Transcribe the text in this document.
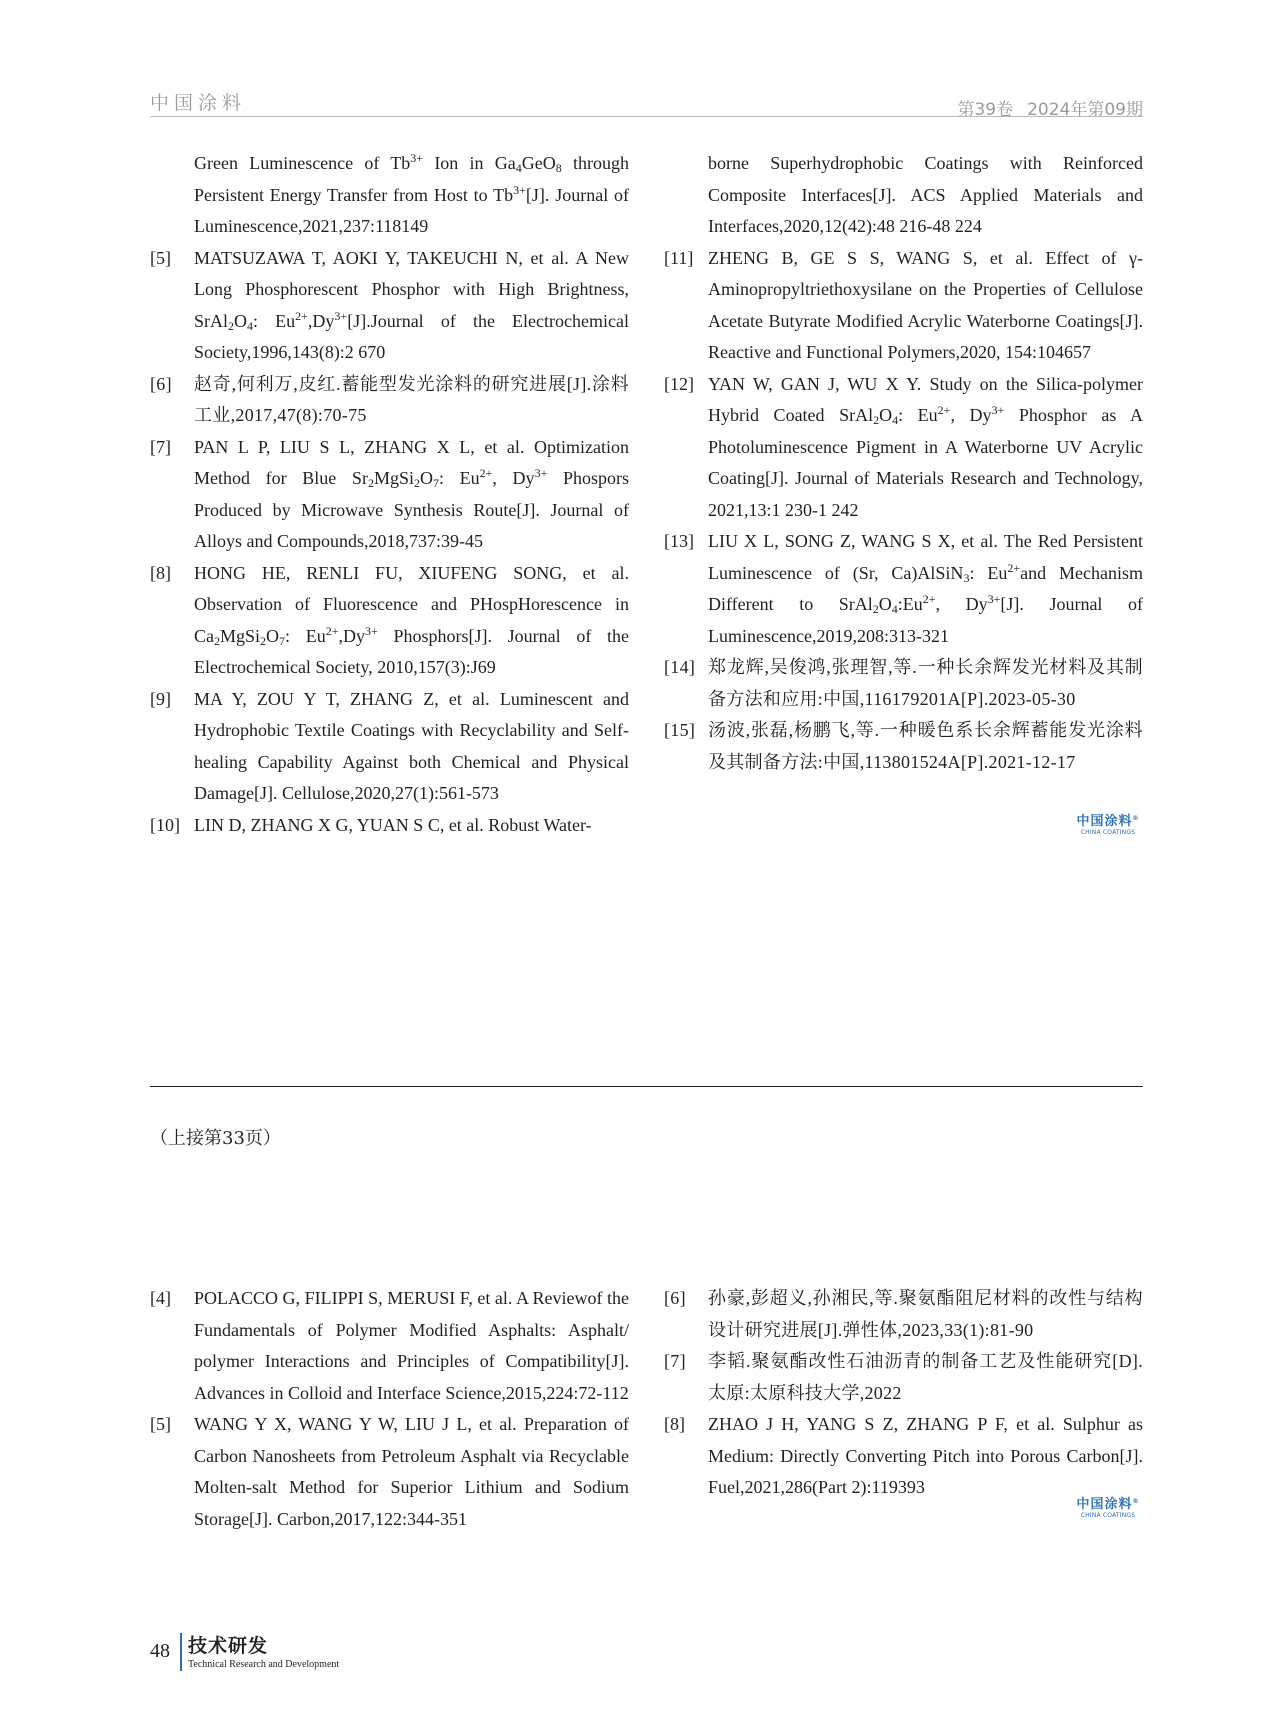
中国涂料	第39卷 2024年第09期
Green Luminescence of $Tb^{3+}$ Ion in $Ga_4GeO_8$ through Persistent Energy Transfer from Host to $Tb^{3+}[J]$. Journal of Luminescence,2021,237:118149
[5] MATSUZAWA T, AOKI Y, TAKEUCHI N, et al. A New Long Phosphorescent Phosphor with High Brightness, $SrAl_2O_4$: $Eu^{2+},Dy^{3+}[J].Journal$ of the Electrochemical Society,1996,143(8):2 670
[6] 赵奇,何利万,皮红.蓄能型发光涂料的研究进展[J].涂料工业,2017,47(8):70-75
[7] PAN L P, LIU S L, ZHANG X L, et al. Optimization Method for Blue $Sr_2MgSi_2O_7$: $Eu^{2+}$, $Dy^{3+}$ Phospors Produced by Microwave Synthesis Route[J]. Journal of Alloys and Compounds,2018,737:39-45
[8] HONG HE, RENLI FU, XIUFENG SONG, et al. Observation of Fluorescence and PHospHorescence in $Ca_2MgSi_2O_7$: $Eu^{2+},Dy^{3+}$ Phosphors[J]. Journal of the Electrochemical Society, 2010,157(3):J69
[9] MA Y, ZOU Y T, ZHANG Z, et al. Luminescent and Hydrophobic Textile Coatings with Recyclability and Self-healing Capability Against both Chemical and Physical Damage[J]. Cellulose,2020,27(1):561-573
[10] LIN D, ZHANG X G, YUAN S C, et al. Robust Water-
borne Superhydrophobic Coatings with Reinforced Composite Interfaces[J]. ACS Applied Materials and Interfaces,2020,12(42):48 216-48 224
[11] ZHENG B, GE S S, WANG S, et al. Effect of γ-Aminopropyltriethoxysilane on the Properties of Cellulose Acetate Butyrate Modified Acrylic Waterborne Coatings[J]. Reactive and Functional Polymers,2020, 154:104657
[12] YAN W, GAN J, WU X Y. Study on the Silica-polymer Hybrid Coated $SrAl_2O_4$: $Eu^{2+}$, $Dy^{3+}$ Phosphor as A Photoluminescence Pigment in A Waterborne UV Acrylic Coating[J]. Journal of Materials Research and Technology, 2021,13:1 230-1 242
[13] LIU X L, SONG Z, WANG S X, et al. The Red Persistent Luminescence of (Sr, Ca)AlSiN$_3$: $Eu^{2+}and$ Mechanism Different to $SrAl_2O_4:Eu^{2+}$, $Dy^{3+}[J]$. Journal of Luminescence,2019,208:313-321
[14] 郑龙辉,吴俊鸿,张理智,等.一种长余辉发光材料及其制备方法和应用:中国,116179201A[P].2023-05-30
[15] 汤波,张磊,杨鹏飞,等.一种暖色系长余辉蓄能发光涂料及其制备方法:中国,113801524A[P].2021-12-17
中国涂料®
CHINA COATINGS
（上接第33页）
[4] POLACCO G, FILIPPI S, MERUSI F, et al. A Reviewof the Fundamentals of Polymer Modified Asphalts: Asphalt/ polymer Interactions and Principles of Compatibility[J]. Advances in Colloid and Interface Science,2015,224:72-112
[5] WANG Y X, WANG Y W, LIU J L, et al. Preparation of Carbon Nanosheets from Petroleum Asphalt via Recyclable Molten-salt Method for Superior Lithium and Sodium Storage[J]. Carbon,2017,122:344-351
[6] 孙豪,彭超义,孙湘民,等.聚氨酯阻尼材料的改性与结构设计研究进展[J].弹性体,2023,33(1):81-90
[7] 李韬.聚氨酯改性石油沥青的制备工艺及性能研究[D].太原:太原科技大学,2022
[8] ZHAO J H, YANG S Z, ZHANG P F, et al. Sulphur as Medium: Directly Converting Pitch into Porous Carbon[J]. Fuel,2021,286(Part 2):119393
中国涂料®
CHINA COATINGS
48 技术研发
Technical Research and Development
